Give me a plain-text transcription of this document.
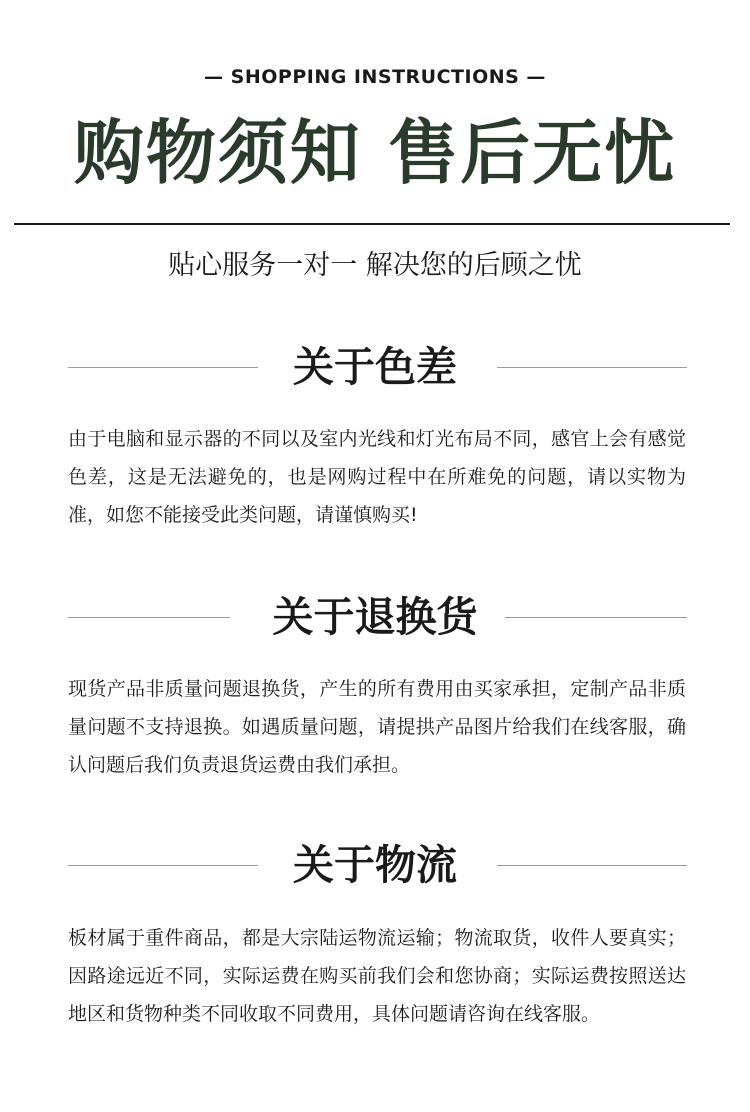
— SHOPPING INSTRUCTIONS —
购物须知 售后无忧
贴心服务一对一 解决您的后顾之忧
关于色差
由于电脑和显示器的不同以及室内光线和灯光布局不同，感官上会有感觉色差，这是无法避免的，也是网购过程中在所难免的问题，请以实物为准，如您不能接受此类问题，请谨慎购买!
关于退换货
现货产品非质量问题退换货，产生的所有费用由买家承担，定制产品非质量问题不支持退换。如遇质量问题，请提拱产品图片给我们在线客服，确认问题后我们负责退货运费由我们承担。
关于物流
板材属于重件商品，都是大宗陆运物流运输；物流取货，收件人要真实；因路途远近不同，实际运费在购买前我们会和您协商；实际运费按照送达地区和货物种类不同收取不同费用，具体问题请咨询在线客服。
